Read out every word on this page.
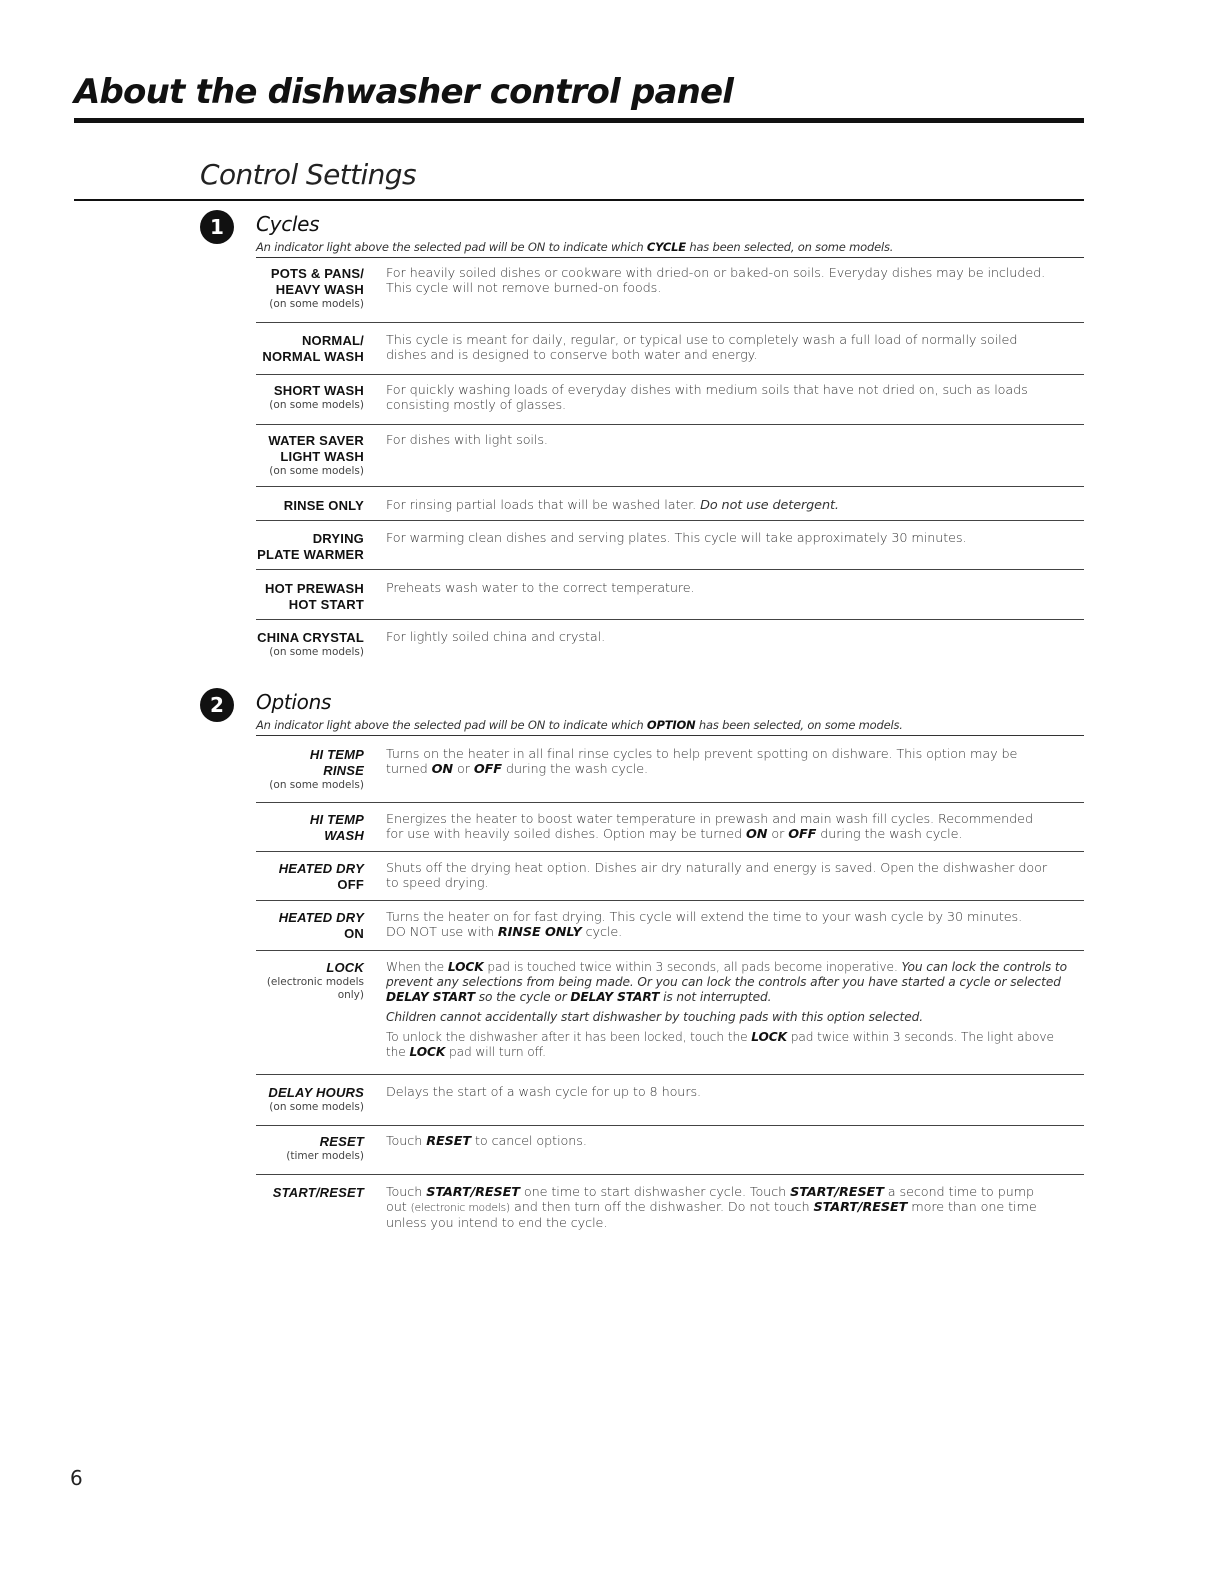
About the dishwasher control panel
Control Settings
1	Cycles
An indicator light above the selected pad will be ON to indicate which CYCLE has been selected, on some models.
POTS & PANS/
HEAVY WASH
(on some models)
For heavily soiled dishes or cookware with dried-on or baked-on soils. Everyday dishes may be included.
This cycle will not remove burned-on foods.
NORMAL/
NORMAL WASH
This cycle is meant for daily, regular, or typical use to completely wash a full load of normally soiled
dishes and is designed to conserve both water and energy.
SHORT WASH
(on some models)
For quickly washing loads of everyday dishes with medium soils that have not dried on, such as loads
consisting mostly of glasses.
WATER SAVER
LIGHT WASH
(on some models)
For dishes with light soils.
RINSE ONLY For rinsing partial loads that will be washed later. Do not use detergent.
DRYING
PLATE WARMER
For warming clean dishes and serving plates. This cycle will take approximately 30 minutes.
HOT PREWASH
HOT START
Preheats wash water to the correct temperature.
CHINA CRYSTAL
(on some models)
For lightly soiled china and crystal.
2	Options
An indicator light above the selected pad will be ON to indicate which OPTION has been selected, on some models.
HI TEMP
RINSE
(on some models)
Turns on the heater in all final rinse cycles to help prevent spotting on dishware. This option may be
turned ON or OFF during the wash cycle.
HI TEMP
WASH
Energizes the heater to boost water temperature in prewash and main wash fill cycles. Recommended
for use with heavily soiled dishes. Option may be turned ON or OFF during the wash cycle.
HEATED DRY
OFF
Shuts off the drying heat option. Dishes air dry naturally and energy is saved. Open the dishwasher door
to speed drying.
HEATED DRY
ON
Turns the heater on for fast drying. This cycle will extend the time to your wash cycle by 30 minutes.
DO NOT use with RINSE ONLY cycle.
LOCK
(electronic models
only)
When the LOCK pad is touched twice within 3 seconds, all pads become inoperative. You can lock the controls to
prevent any selections from being made. Or you can lock the controls after you have started a cycle or selected
DELAY START so the cycle or DELAY START is not interrupted.
Children cannot accidentally start dishwasher by touching pads with this option selected.
To unlock the dishwasher after it has been locked, touch the LOCK pad twice within 3 seconds. The light above
the LOCK pad will turn off.
DELAY HOURS
(on some models)
Delays the start of a wash cycle for up to 8 hours.
RESET
(timer models)
Touch RESET to cancel options.
START/RESET Touch START/RESET one time to start dishwasher cycle. Touch START/RESET a second time to pump
out (electronic models) and then turn off the dishwasher. Do not touch START/RESET more than one time
unless you intend to end the cycle.
6
